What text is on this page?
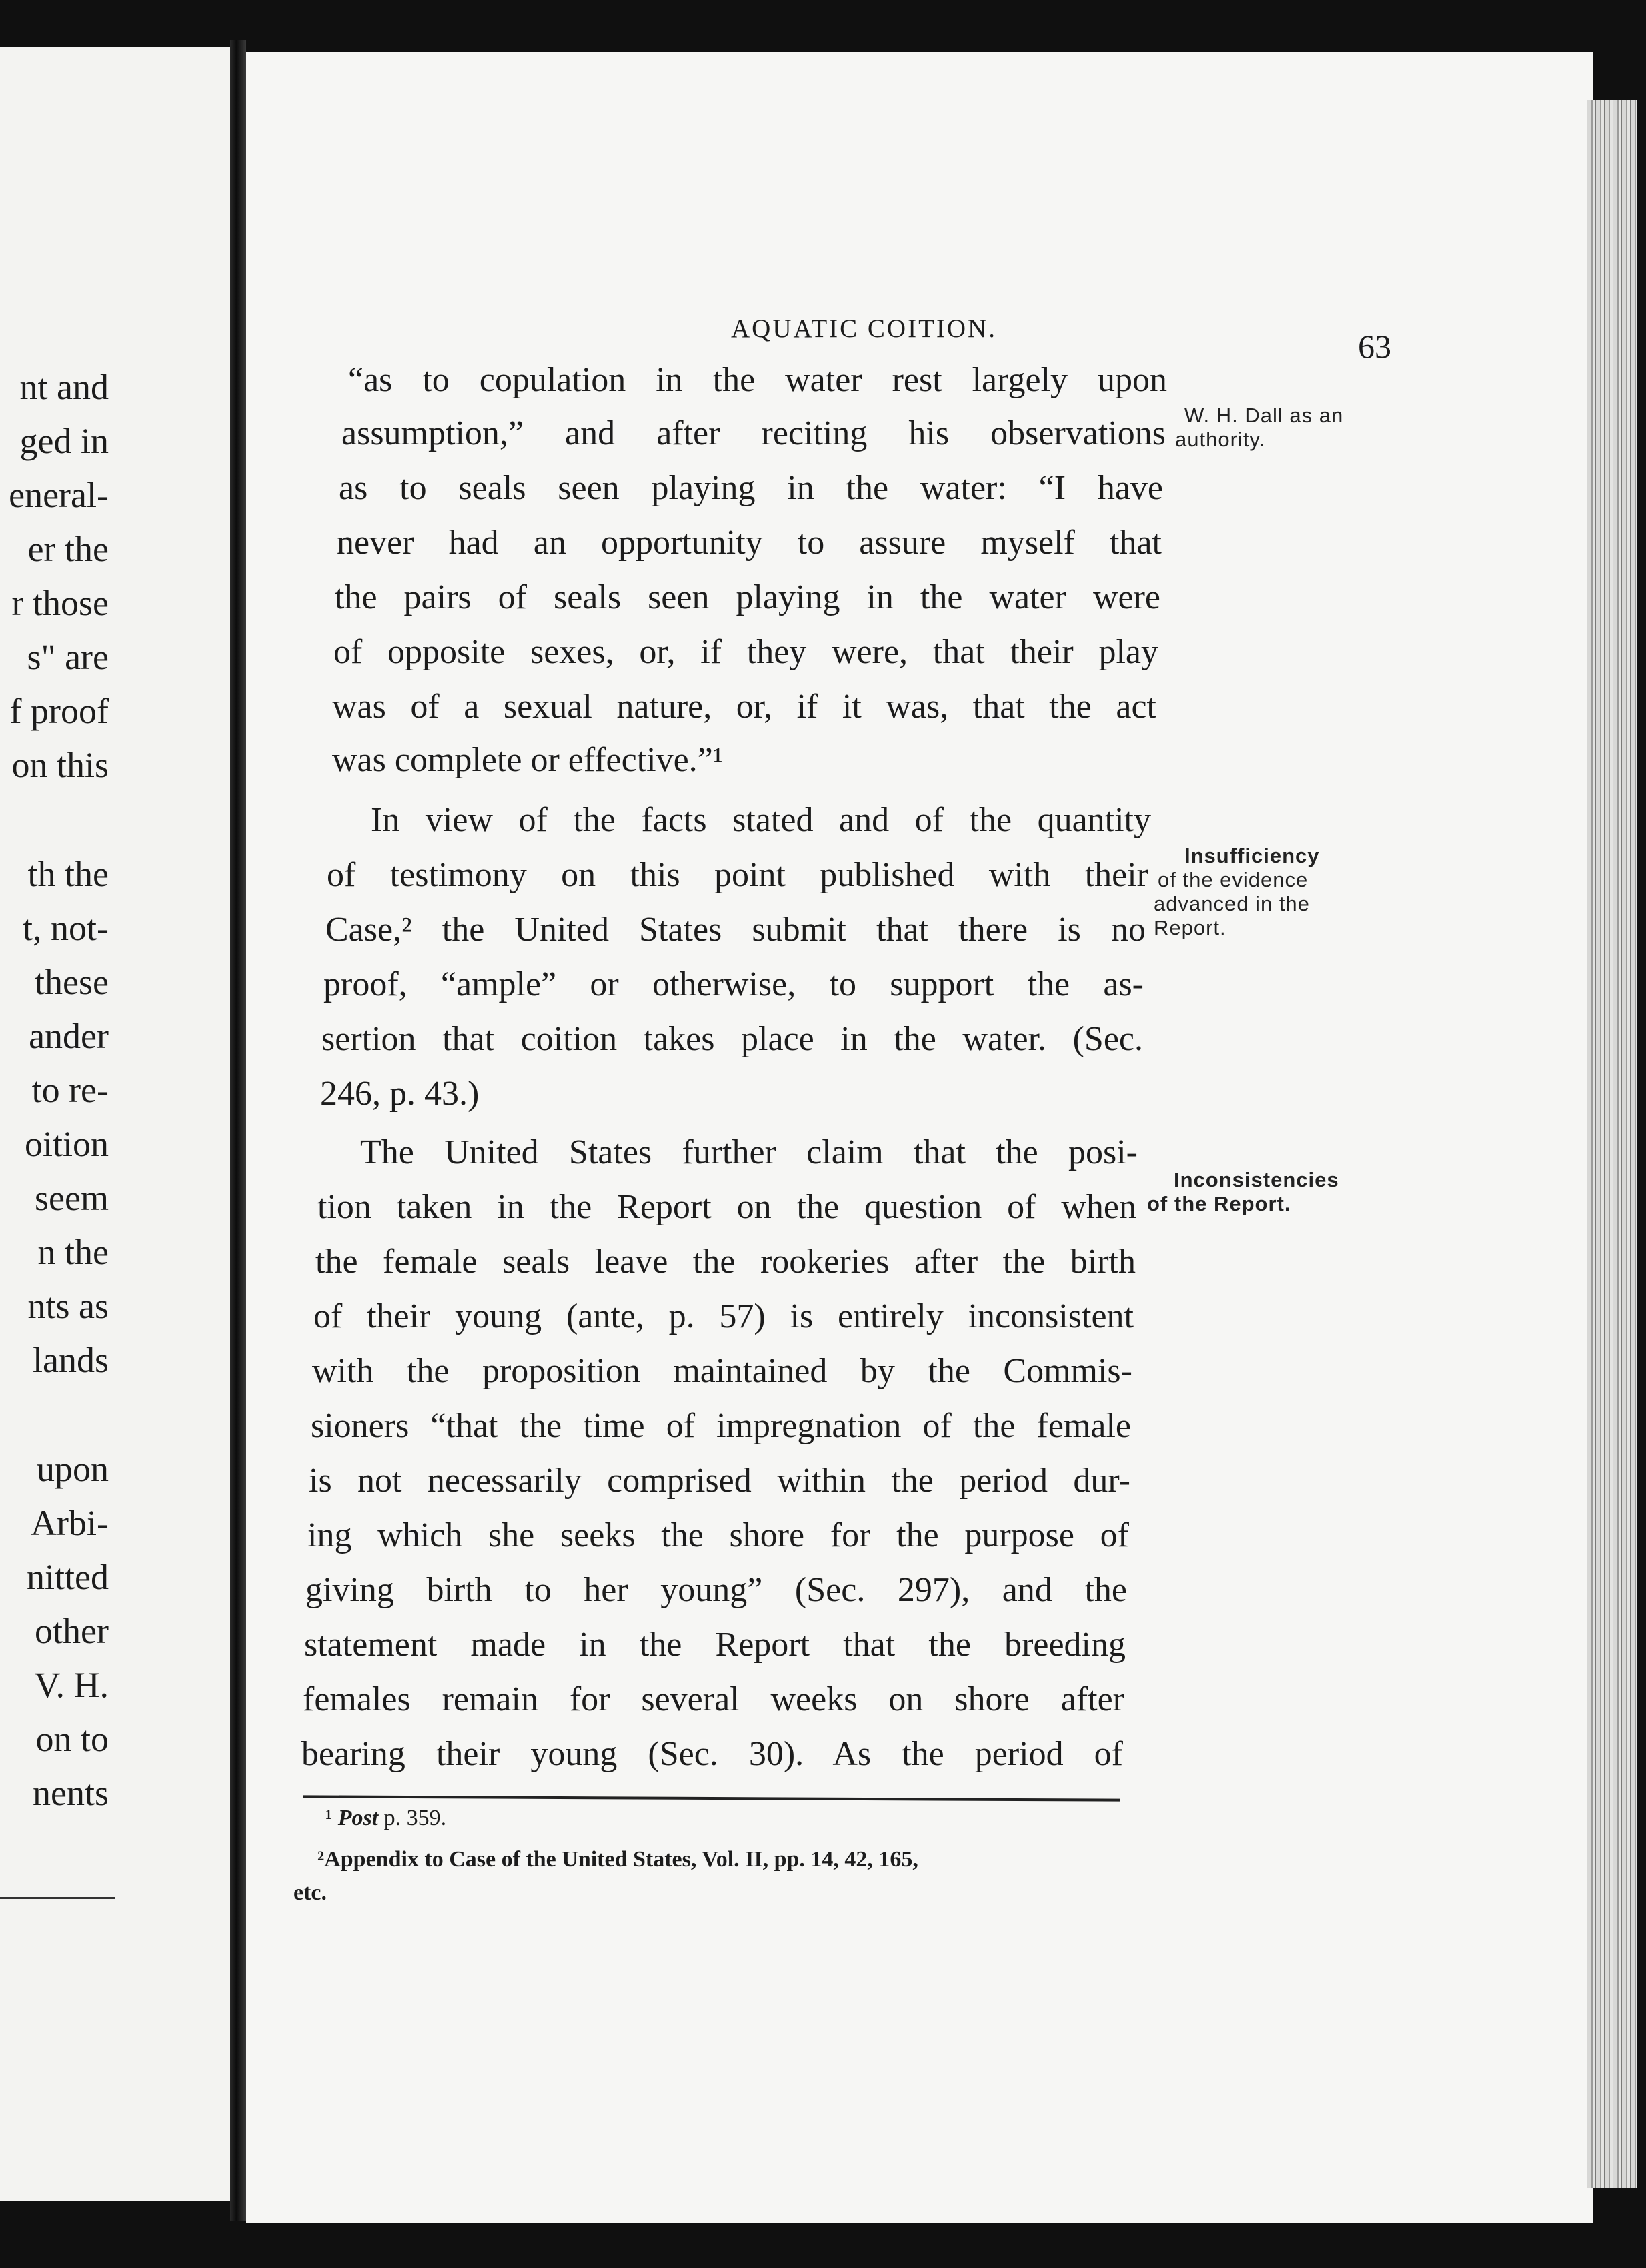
nt and
ged in
eneral-
er the
r those
s" are
f proof
on this
th the
t, not-
these
ander
to re-
oition
seem
n the
nts as
lands
upon
Arbi-
nitted
other
V. H.
on to
nents
AQUATIC COITION.	63
“as to copulation in the water rest largely upon
assumption,” and after reciting his observations
as to seals seen playing in the water: “I have
never had an opportunity to assure myself that
the pairs of seals seen playing in the water were
of opposite sexes, or, if they were, that their play
was of a sexual nature, or, if it was, that the act
was complete or effective.”¹
In view of the facts stated and of the quantity
of testimony on this point published with their
Case,² the United States submit that there is no
proof, “ample” or otherwise, to support the as-
sertion that coition takes place in the water. (Sec.
246, p. 43.)
The United States further claim that the posi-
tion taken in the Report on the question of when
the female seals leave the rookeries after the birth
of their young (ante, p. 57) is entirely inconsistent
with the proposition maintained by the Commis-
sioners “that the time of impregnation of the female
is not necessarily comprised within the period dur-
ing which she seeks the shore for the purpose of
giving birth to her young” (Sec. 297), and the
statement made in the Report that the breeding
females remain for several weeks on shore after
bearing their young (Sec. 30). As the period of
W. H. Dall as an
authority.
Insufficiency
of the evidence
advanced in the
Report.
Inconsistencies
of the Report.
¹ Post p. 359.
²Appendix to Case of the United States, Vol. II, pp. 14, 42, 165,
etc.
